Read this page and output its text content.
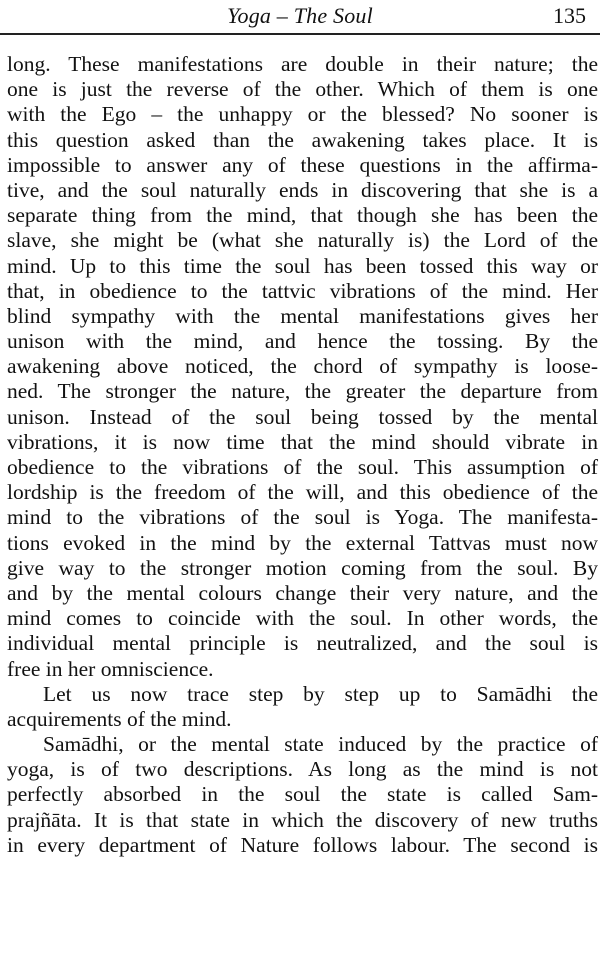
Yoga – The Soul	135
long. These manifestations are double in their nature; the
one is just the reverse of the other. Which of them is one
with the Ego – the unhappy or the blessed? No sooner is
this question asked than the awakening takes place. It is
impossible to answer any of these questions in the affirma-
tive, and the soul naturally ends in discovering that she is a
separate thing from the mind, that though she has been the
slave, she might be (what she naturally is) the Lord of the
mind. Up to this time the soul has been tossed this way or
that, in obedience to the tattvic vibrations of the mind. Her
blind sympathy with the mental manifestations gives her
unison with the mind, and hence the tossing. By the
awakening above noticed, the chord of sympathy is loose-
ned. The stronger the nature, the greater the departure from
unison. Instead of the soul being tossed by the mental
vibrations, it is now time that the mind should vibrate in
obedience to the vibrations of the soul. This assumption of
lordship is the freedom of the will, and this obedience of the
mind to the vibrations of the soul is Yoga. The manifesta-
tions evoked in the mind by the external Tattvas must now
give way to the stronger motion coming from the soul. By
and by the mental colours change their very nature, and the
mind comes to coincide with the soul. In other words, the
individual mental principle is neutralized, and the soul is
free in her omniscience.
Let us now trace step by step up to Samādhi the
acquirements of the mind.
Samādhi, or the mental state induced by the practice of
yoga, is of two descriptions. As long as the mind is not
perfectly absorbed in the soul the state is called Sam-
prajñāta. It is that state in which the discovery of new truths
in every department of Nature follows labour. The second is
